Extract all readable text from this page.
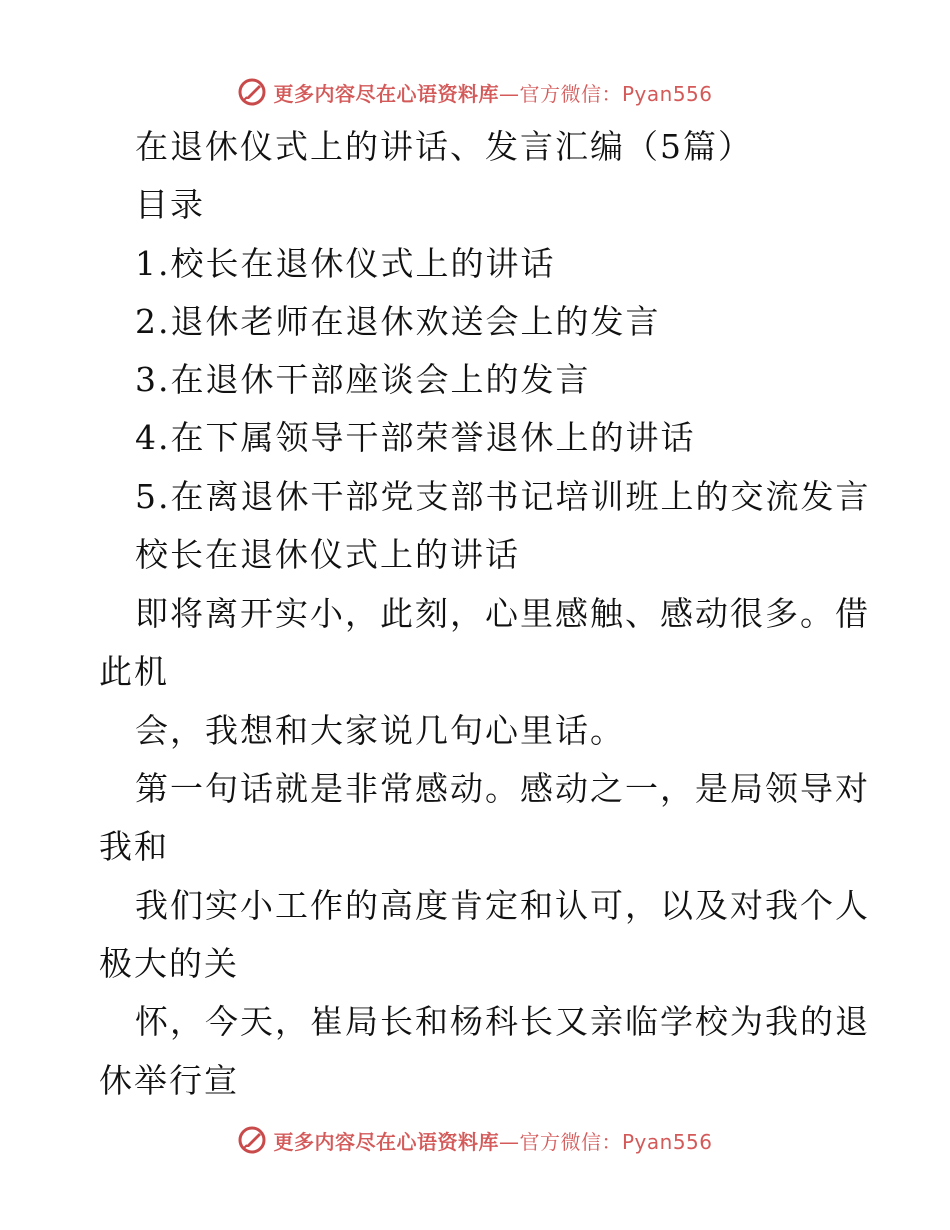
更多内容尽在心语资料库—官方微信：Pyan556
在退休仪式上的讲话、发言汇编（5篇）
目录
1.校长在退休仪式上的讲话
2.退休老师在退休欢送会上的发言
3.在退休干部座谈会上的发言
4.在下属领导干部荣誉退休上的讲话
5.在离退休干部党支部书记培训班上的交流发言
校长在退休仪式上的讲话
即将离开实小，此刻，心里感触、感动很多。借
此机
会，我想和大家说几句心里话。
第一句话就是非常感动。感动之一，是局领导对
我和
我们实小工作的高度肯定和认可，以及对我个人
极大的关
怀，今天，崔局长和杨科长又亲临学校为我的退
休举行宣
更多内容尽在心语资料库—官方微信：Pyan556
